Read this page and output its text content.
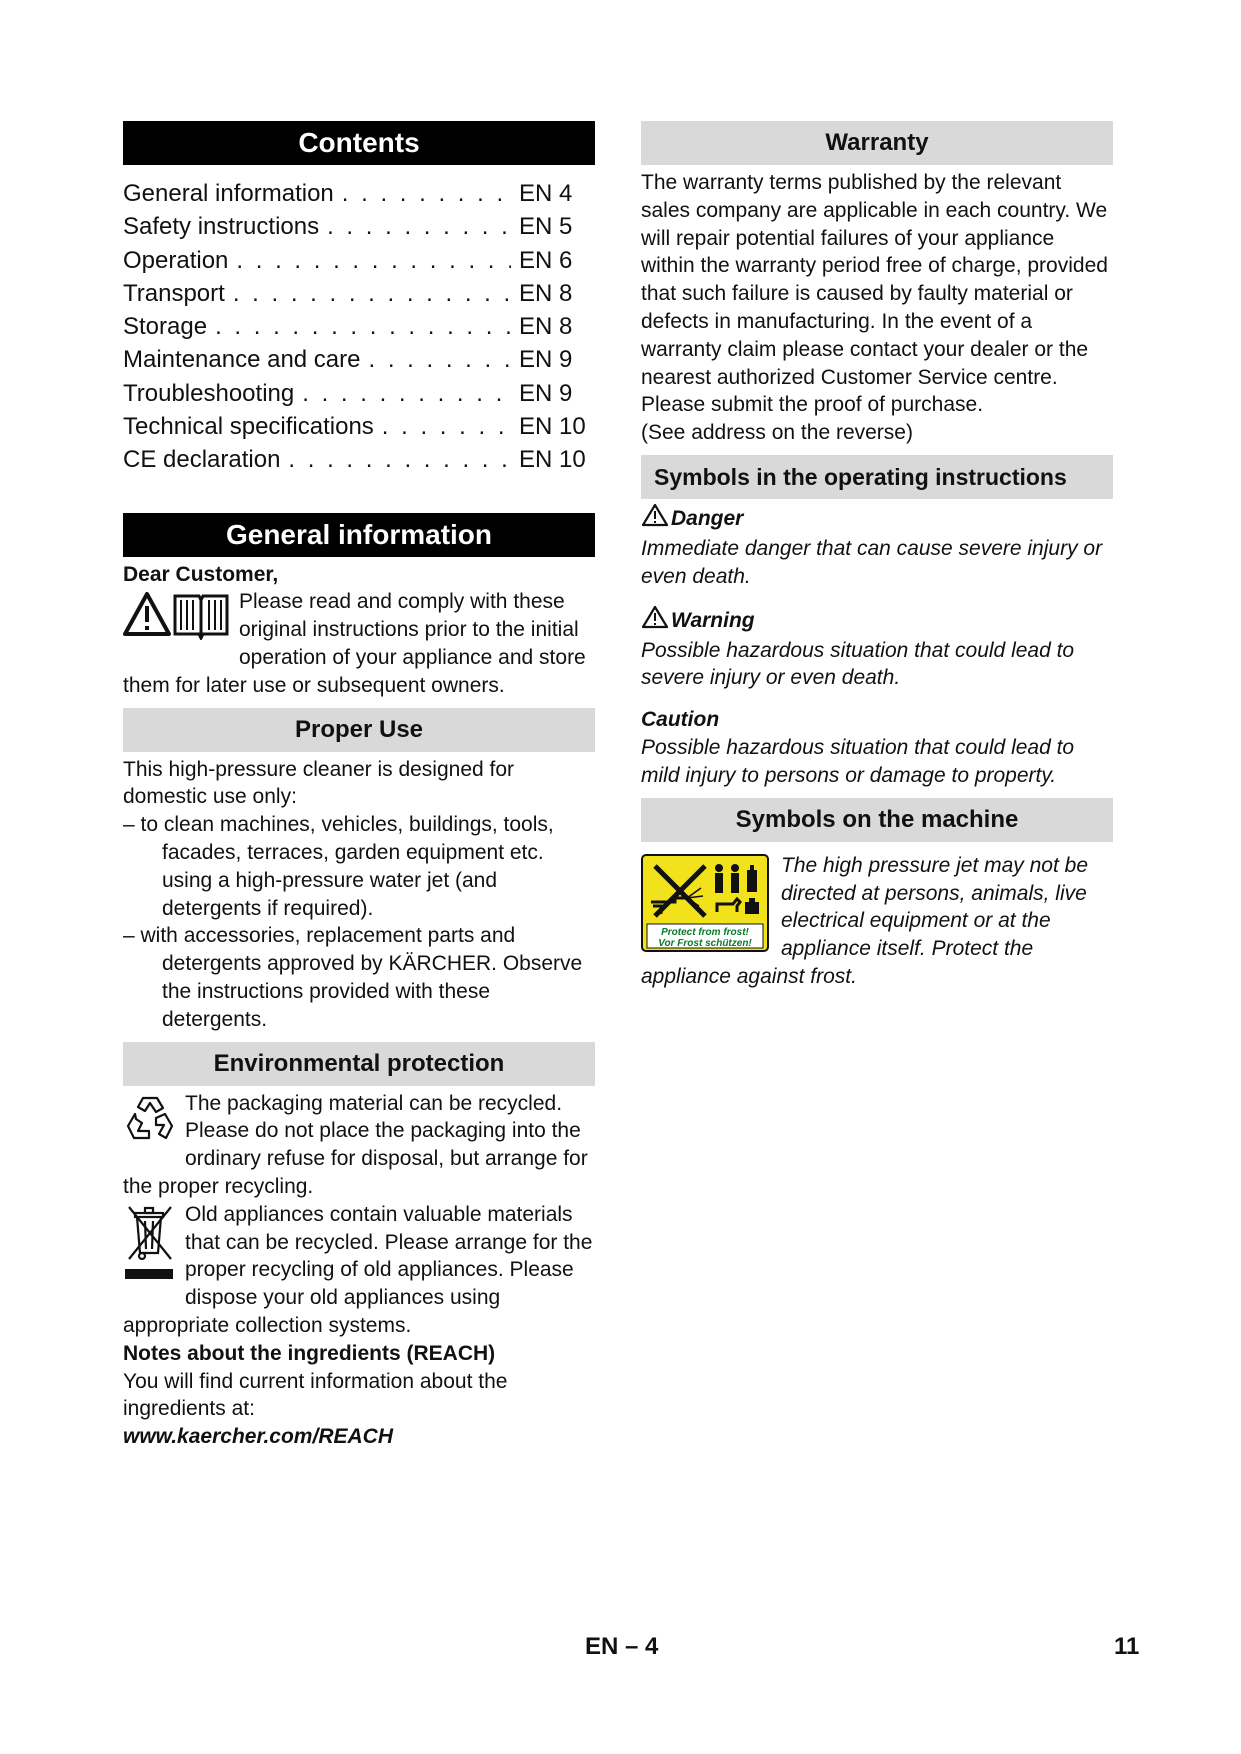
Contents
General information . . .	EN 4
Safety instructions . . .	EN 5
Operation . . .	EN 6
Transport . . .	EN 8
Storage . . .	EN 8
Maintenance and care . . .	EN 9
Troubleshooting . . .	EN 9
Technical specifications . . .	EN 10
CE declaration . . .	EN 10
General information

Dear Customer,

Please read and comply with these original instructions prior to the initial operation of your appliance and store them for later use or subsequent owners.

Proper Use

This high-pressure cleaner is designed for domestic use only:

– to clean machines, vehicles, buildings, tools, facades, terraces, garden equipment etc. using a high-pressure water jet (and detergents if required).

– with accessories, replacement parts and detergents approved by KÄRCHER. Observe the instructions provided with these detergents.

Environmental protection

The packaging material can be recycled. Please do not place the packaging into the ordinary refuse for disposal, but arrange for the proper recycling.

Old appliances contain valuable materials that can be recycled. Please arrange for the proper recycling of old appliances. Please dispose your old appliances using appropriate collection systems.

Notes about the ingredients (REACH)

You will find current information about the ingredients at:

www.kaercher.com/REACH

Warranty

The warranty terms published by the relevant sales company are applicable in each country. We will repair potential failures of your appliance within the warranty period free of charge, provided that such failure is caused by faulty material or defects in manufacturing. In the event of a warranty claim please contact your dealer or the nearest authorized Customer Service centre. Please submit the proof of purchase.

(See address on the reverse)

Symbols in the operating instructions
Danger

Immediate danger that can cause severe injury or even death.

Warning

Possible hazardous situation that could lead to severe injury or even death.

Caution

Possible hazardous situation that could lead to mild injury to persons or damage to property.

Symbols on the machine

Protect from frost!
Vor Frost schützen!
The high pressure jet may not be directed at persons, animals, live electrical equipment or at the appliance itself. Protect the appliance against frost.

EN – 4	11
